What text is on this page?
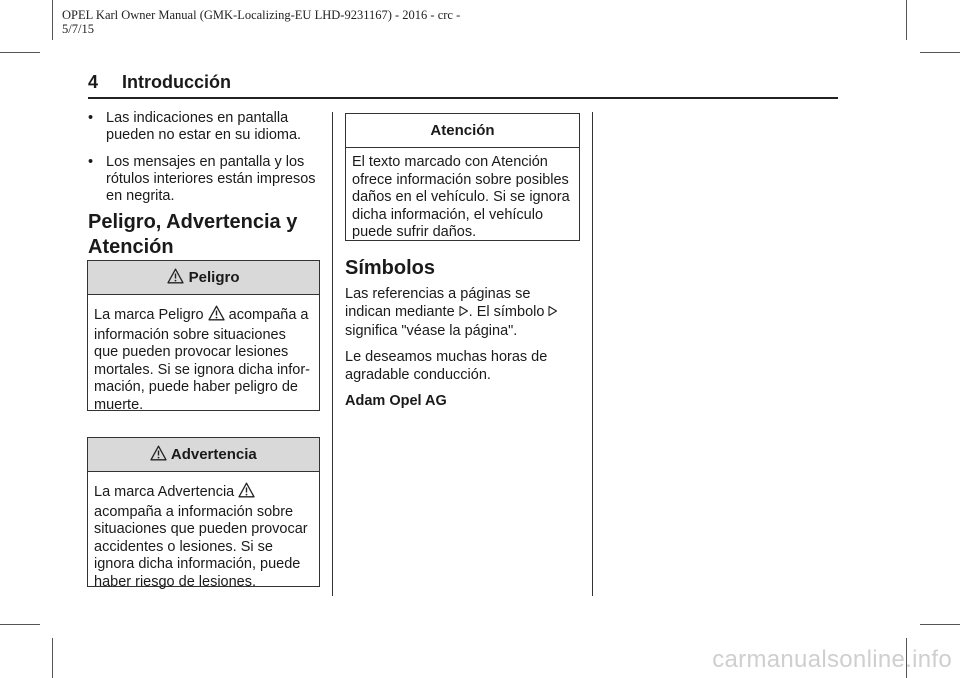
OPEL Karl Owner Manual (GMK-Localizing-EU LHD-9231167) - 2016 - crc -
5/7/15
4 Introducción
• Las indicaciones en pantalla pueden no estar en su idioma.
• Los mensajes en pantalla y los rótulos interiores están impresos en negrita.
Peligro, Advertencia y
Atención
Peligro
La marca Peligro  acompaña a información sobre situaciones que pueden provocar lesiones mortales. Si se ignora dicha infor-mación, puede haber peligro de muerte.
Advertencia
La marca Advertencia  acompaña a información sobre situaciones que pueden provocar accidentes o lesiones. Si se ignora dicha información, puede haber riesgo de lesiones.
Atención
El texto marcado con Atención ofrece información sobre posibles daños en el vehículo. Si se ignora dicha información, el vehículo puede sufrir daños.
Símbolos

Las referencias a páginas se indican mediante . El símbolo  significa "véase la página".

Le deseamos muchas horas de agradable conducción.

Adam Opel AG

carmanualsonline.info
